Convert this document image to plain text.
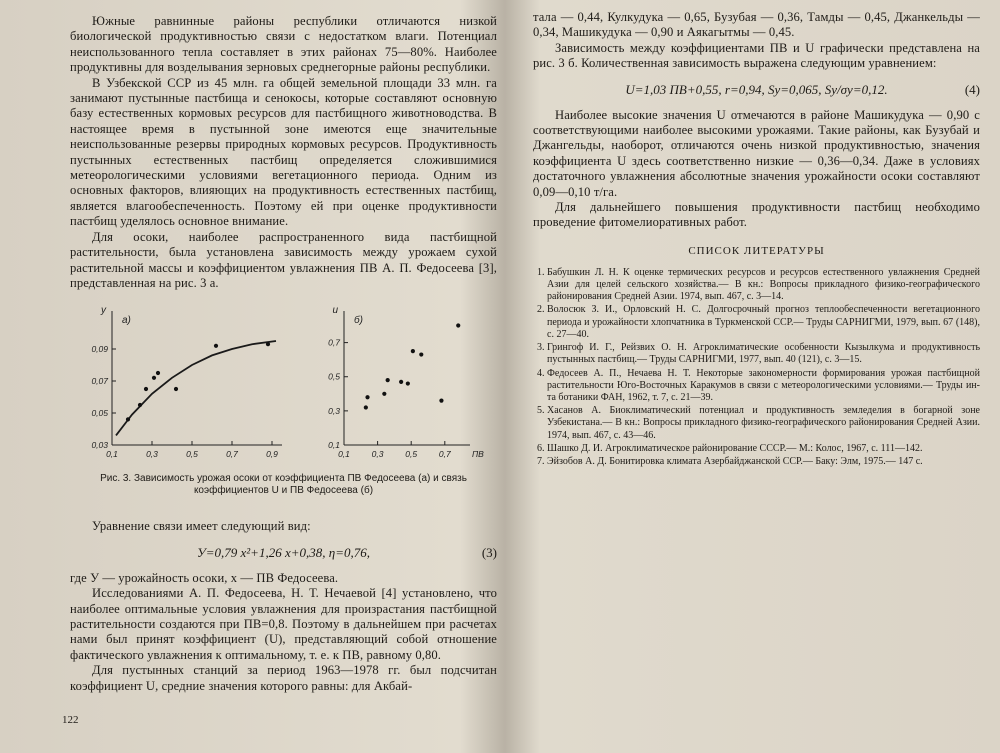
Южные равнинные районы республики отличаются низкой биологической продуктивностью связи с недостатком влаги. Потенциал неиспользованного тепла составляет в этих районах 75—80%. Наиболее продуктивны для возделывания зерновых среднегорные районы республики.

В Узбекской ССР из 45 млн. га общей земельной площади 33 млн. га занимают пустынные пастбища и сенокосы, которые составляют основную базу естественных кормовых ресурсов для пастбищного животноводства. В настоящее время в пустынной зоне имеются еще значительные неиспользованные резервы природных кормовых ресурсов. Продуктивность пустынных естественных пастбищ определяется сложившимися метеорологическими условиями вегетационного периода. Одним из основных факторов, влияющих на продуктивность естественных пастбищ, является влагообеспеченность. Поэтому ей при оценке продуктивности пастбищ уделялось основное внимание.

Для осоки, наиболее распространенного вида пастбищной растительности, была установлена зависимость между урожаем сухой растительной массы и коэффициентом увлажнения ПВ А. П. Федосеева [3], представленная на рис. 3 а.

0,1	0,3	0,5	0,7	0,9
0,03
0,05
0,07
0,09
y
а)
0,1	0,3	0,5	0,7
0,1
0,3
0,5
0,7
u
б)
ПВ
Рис. 3. Зависимость урожая осоки от коэффициента ПВ Федосеева (а) и связь коэффициентов U и ПВ Федосеева (б)

Уравнение связи имеет следующий вид:

У=0,79 x²+1,26 x+0,38, η=0,76,	(3)

где У — урожайность осоки, x — ПВ Федосеева.

Исследованиями А. П. Федосеева, Н. Т. Нечаевой [4] установлено, что наиболее оптимальные условия увлажнения для произрастания пастбищной растительности создаются при ПВ=0,8. Поэтому в дальнейшем при расчетах нами был принят коэффициент (U), представляющий собой отношение фактического увлажнения к оптимальному, т. е. к ПВ, равному 0,80.

Для пустынных станций за период 1963—1978 гг. был подсчитан коэффициент U, средние значения которого равны: для Акбай-

122

тала — 0,44, Кулкудука — 0,65, Бузубая — 0,36, Тамды — 0,45, Джанкельды — 0,34, Машикудука — 0,90 и Аякагытмы — 0,45.

Зависимость между коэффициентами ПВ и U графически представлена на рис. 3 б. Количественная зависимость выражена следующим уравнением:

U=1,03 ПВ+0,55, r=0,94, Sy=0,065, Sy/σy=0,12.	(4)

Наиболее высокие значения U отмечаются в районе Машикудука — 0,90 с соответствующими наиболее высокими урожаями. Такие районы, как Бузубай и Джангельды, наоборот, отличаются очень низкой продуктивностью, значения коэффициента U здесь соответственно низкие — 0,36—0,34. Даже в условиях достаточного увлажнения абсолютные значения урожайности осоки составляют 0,09—0,10 т/га.

Для дальнейшего повышения продуктивности пастбищ необходимо проведение фитомелиоративных работ.

СПИСОК ЛИТЕРАТУРЫ
1. Бабушкин Л. Н. К оценке термических ресурсов и ресурсов естественного увлажнения Средней Азии для целей сельского хозяйства.— В кн.: Вопросы прикладного физико-географического районирования Средней Азии. 1974, вып. 467, с. 3—14.
2. Волосюк З. И., Орловский Н. С. Долгосрочный прогноз теплообеспеченности вегетационного периода и урожайности хлопчатника в Туркменской ССР.— Труды САРНИГМИ, 1979, вып. 67 (148), с. 27—40.
3. Грингоф И. Г., Рейзвих О. Н. Агроклиматические особенности Кызылкума и продуктивность пустынных пастбищ.— Труды САРНИГМИ, 1977, вып. 40 (121), с. 3—15.
4. Федосеев А. П., Нечаева Н. Т. Некоторые закономерности формирования урожая пастбищной растительности Юго-Восточных Каракумов в связи с метеорологическими условиями.— Труды ин-та ботаники ФАН, 1962, т. 7, с. 21—39.
5. Хасанов А. Биоклиматический потенциал и продуктивность земледелия в богарной зоне Узбекистана.— В кн.: Вопросы прикладного физико-географического районирования Средней Азии. 1974, вып. 467, с. 43—46.
6. Шашко Д. И. Агроклиматическое районирование СССР.— М.: Колос, 1967, с. 111—142.
7. Эйзобов А. Д. Бонитировка климата Азербайджанской ССР.— Баку: Элм, 1975.— 147 с.
